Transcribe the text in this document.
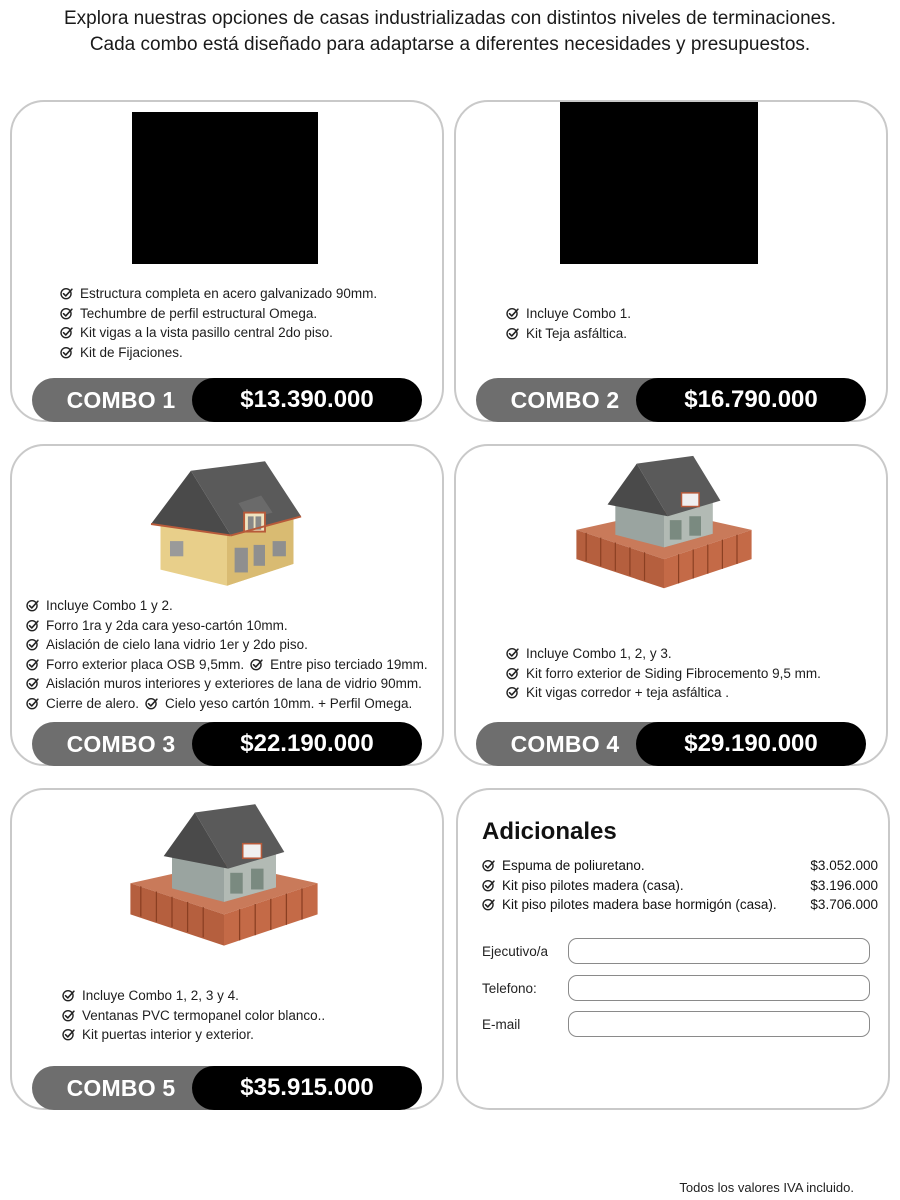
Explora nuestras opciones de casas industrializadas con distintos niveles de terminaciones.
Cada combo está diseñado para adaptarse a diferentes necesidades y presupuestos.
Estructura completa en acero galvanizado 90mm.
Techumbre de perfil estructural Omega.
Kit vigas a la vista pasillo central 2do piso.
Kit de Fijaciones.
COMBO 1	$13.390.000
Incluye Combo 1.
Kit Teja asfáltica.
COMBO 2	$16.790.000
Incluye Combo 1 y 2.
Forro 1ra y 2da cara yeso-cartón 10mm.
Aislación de cielo lana vidrio 1er y 2do piso.
Forro exterior placa OSB 9,5mm. Entre piso terciado 19mm.
Aislación muros interiores y exteriores de lana de vidrio 90mm.
Cierre de alero. Cielo yeso cartón 10mm. + Perfil Omega.
COMBO 3	$22.190.000
Incluye Combo 1, 2, y 3.
Kit forro exterior de Siding Fibrocemento 9,5 mm.
Kit vigas corredor + teja asfáltica .
COMBO 4	$29.190.000
Incluye Combo 1, 2, 3 y 4.
Ventanas PVC termopanel color blanco..
Kit puertas interior y exterior.
COMBO 5	$35.915.000
Adicionales
Espuma de poliuretano.	$3.052.000
Kit piso pilotes madera (casa).	$3.196.000
Kit piso pilotes madera base hormigón (casa).	$3.706.000
Ejecutivo/a
Telefono:
E-mail
Todos los valores IVA incluido.
